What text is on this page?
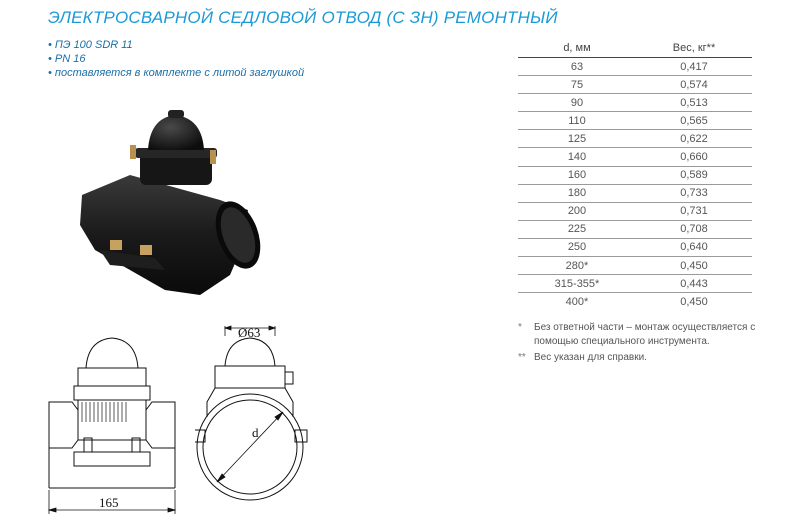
ЭЛЕКТРОСВАРНОЙ СЕДЛОВОЙ ОТВОД (С ЗН) РЕМОНТНЫЙ
• ПЭ 100 SDR 11
• PN 16
• поставляется в комплекте с литой заглушкой
165
Ø63
d
d, мм	Вес, кг**
63	0,417
75	0,574
90	0,513
110	0,565
125	0,622
140	0,660
160	0,589
180	0,733
200	0,731
225	0,708
250	0,640
280*	0,450
315-355*	0,443
400*	0,450
*	Без ответной части – монтаж осуществляется с помощью специального инструмента.
** Вес указан для справки.
